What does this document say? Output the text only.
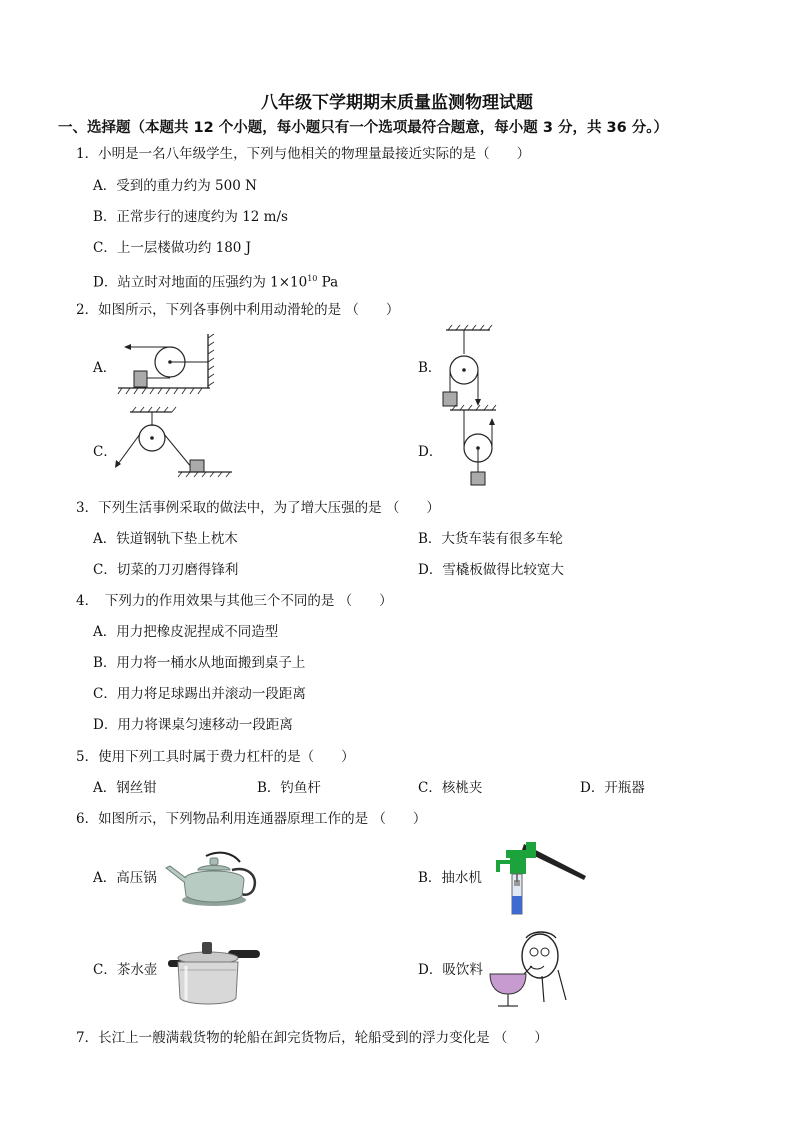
八年级下学期期末质量监测物理试题
一、选择题（本题共 12 个小题，每小题只有一个选项最符合题意，每小题 3 分，共 36 分。）
1．小明是一名八年级学生，下列与他相关的物理量最接近实际的是（　　）
A．受到的重力约为 500 N
B．正常步行的速度约为 12 m/s
C．上一层楼做功约 180 J
D．站立时对地面的压强约为 $1\times 10^{10}$ Pa
2．如图所示，下列各事例中利用动滑轮的是 （　　）
A．	B．
C．	D．
3．下列生活事例采取的做法中，为了增大压强的是 （　　）
A．铁道钢轨下垫上枕木	B．大货车装有很多车轮
C．切菜的刀刃磨得锋利	D．雪橇板做得比较宽大
4．　下列力的作用效果与其他三个不同的是 （　　）
A．用力把橡皮泥捏成不同造型
B．用力将一桶水从地面搬到桌子上
C．用力将足球踢出并滚动一段距离
D．用力将课桌匀速移动一段距离
5．使用下列工具时属于费力杠杆的是（　　）
A．钢丝钳	B．钓鱼杆	C．核桃夹	D．开瓶器
6．如图所示，下列物品利用连通器原理工作的是 （　　）
A．高压锅	B．抽水机
C．茶水壶	D．吸饮料
7．长江上一艘满载货物的轮船在卸完货物后，轮船受到的浮力变化是 （　　）
